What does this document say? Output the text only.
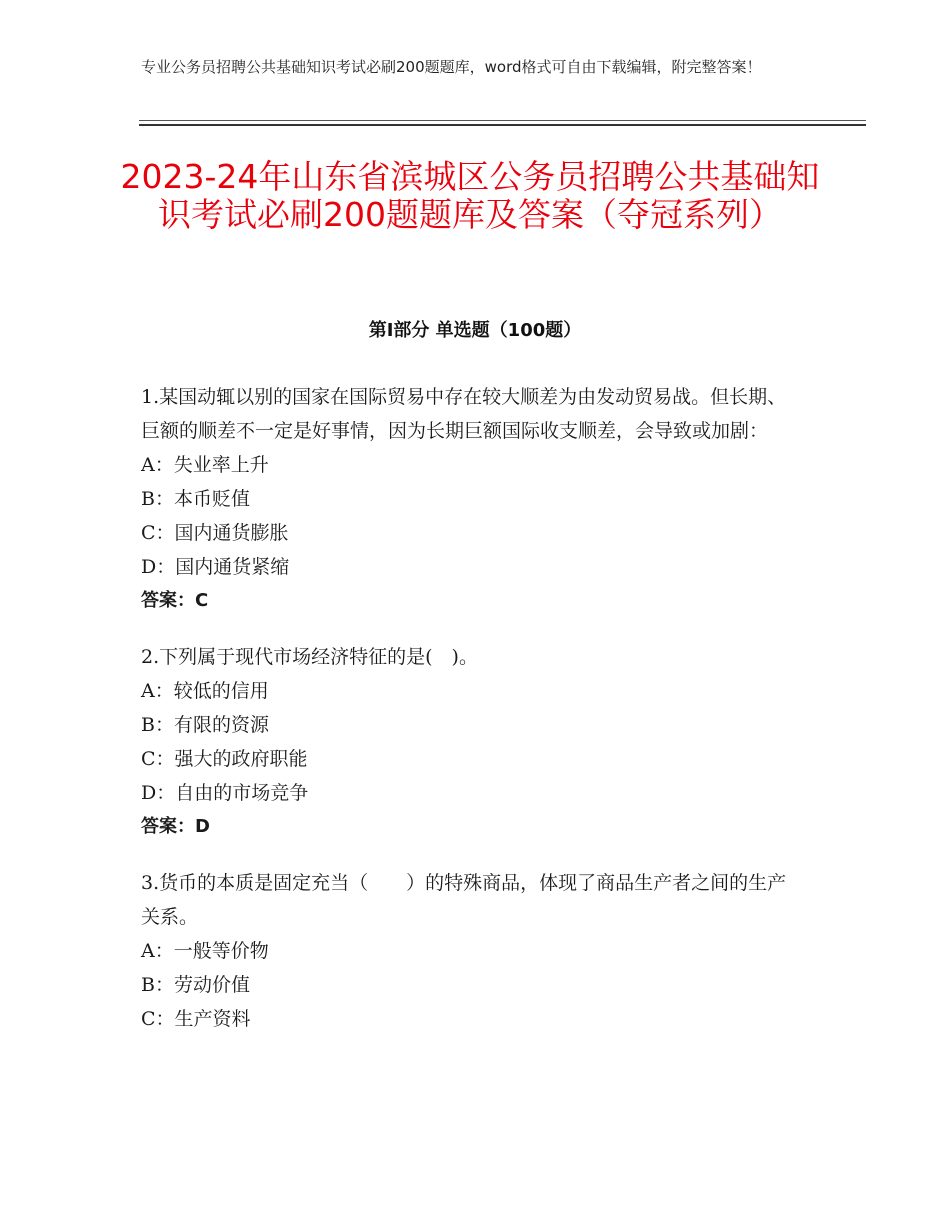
专业公务员招聘公共基础知识考试必刷200题题库，word格式可自由下载编辑，附完整答案！
2023-24年山东省滨城区公务员招聘公共基础知识考试必刷200题题库及答案（夺冠系列）
第Ⅰ部分 单选题（100题）

1.某国动辄以别的国家在国际贸易中存在较大顺差为由发动贸易战。但长期、巨额的顺差不一定是好事情，因为长期巨额国际收支顺差，会导致或加剧：

A：失业率上升

B：本币贬值

C：国内通货膨胀

D：国内通货紧缩

答案：C

2.下列属于现代市场经济特征的是(　)。

A：较低的信用

B：有限的资源

C：强大的政府职能

D：自由的市场竞争

答案：D

3.货币的本质是固定充当（　　）的特殊商品，体现了商品生产者之间的生产关系。

A：一般等价物

B：劳动价值

C：生产资料
